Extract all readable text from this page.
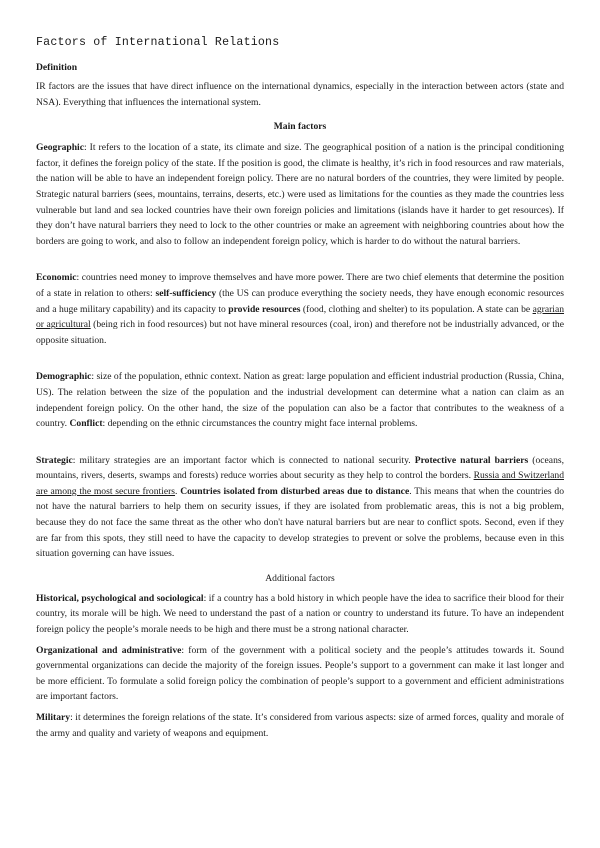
Factors of International Relations
Definition

IR factors are the issues that have direct influence on the international dynamics, especially in the interaction between actors (state and NSA). Everything that influences the international system.

Main factors

Geographic: It refers to the location of a state, its climate and size. The geographical position of a nation is the principal conditioning factor, it defines the foreign policy of the state. If the position is good, the climate is healthy, it’s rich in food resources and raw materials, the nation will be able to have an independent foreign policy. There are no natural borders of the countries, they were limited by people. Strategic natural barriers (sees, mountains, terrains, deserts, etc.) were used as limitations for the counties as they made the countries less vulnerable but land and sea locked countries have their own foreign policies and limitations (islands have it harder to get resources). If they don’t have natural barriers they need to lock to the other countries or make an agreement with neighboring countries about how the borders are going to work, and also to follow an independent foreign policy, which is harder to do without the natural barriers.

Economic: countries need money to improve themselves and have more power. There are two chief elements that determine the position of a state in relation to others: self-sufficiency (the US can produce everything the society needs, they have enough economic resources and a huge military capability) and its capacity to provide resources (food, clothing and shelter) to its population. A state can be agrarian or agricultural (being rich in food resources) but not have mineral resources (coal, iron) and therefore not be industrially advanced, or the opposite situation.

Demographic: size of the population, ethnic context. Nation as great: large population and efficient industrial production (Russia, China, US). The relation between the size of the population and the industrial development can determine what a nation can claim as an independent foreign policy. On the other hand, the size of the population can also be a factor that contributes to the weakness of a country. Conflict: depending on the ethnic circumstances the country might face internal problems.

Strategic: military strategies are an important factor which is connected to national security. Protective natural barriers (oceans, mountains, rivers, deserts, swamps and forests) reduce worries about security as they help to control the borders. Russia and Switzerland are among the most secure frontiers. Countries isolated from disturbed areas due to distance. This means that when the countries do not have the natural barriers to help them on security issues, if they are isolated from problematic areas, this is not a big problem, because they do not face the same threat as the other who don't have natural barriers but are near to conflict spots. Second, even if they are far from this spots, they still need to have the capacity to develop strategies to prevent or solve the problems, because even in this situation governing can have issues.

Additional factors

Historical, psychological and sociological: if a country has a bold history in which people have the idea to sacrifice their blood for their country, its morale will be high. We need to understand the past of a nation or country to understand its future. To have an independent foreign policy the people’s morale needs to be high and there must be a strong national character.

Organizational and administrative: form of the government with a political society and the people’s attitudes towards it. Sound governmental organizations can decide the majority of the foreign issues. People’s support to a government can make it last longer and be more efficient. To formulate a solid foreign policy the combination of people’s support to a government and efficient administrations are important factors.

Military: it determines the foreign relations of the state. It’s considered from various aspects: size of armed forces, quality and morale of the army and quality and variety of weapons and equipment.
